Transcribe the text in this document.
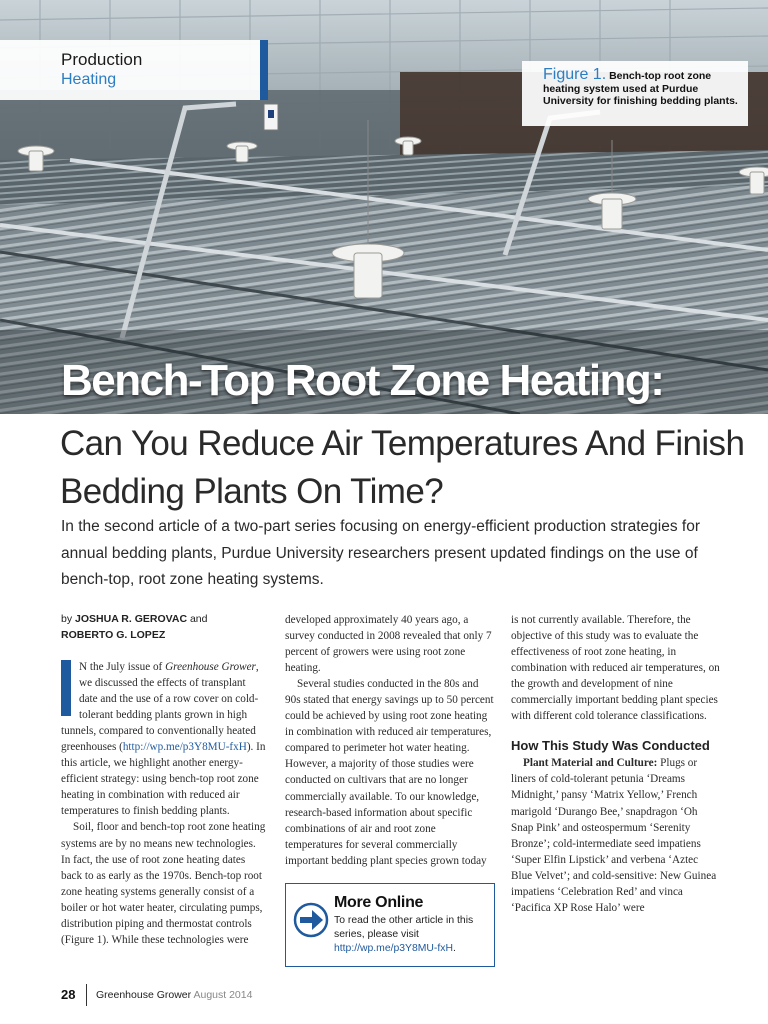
Production
Heating	Figure 1. Bench-top root zone heating system used at Purdue University for finishing bedding plants.

Bench-Top Root Zone Heating:
Can You Reduce Air Temperatures And Finish Bedding Plants On Time?

In the second article of a two-part series focusing on energy-efficient production strategies for annual bedding plants, Purdue University researchers present updated findings on the use of bench-top, root zone heating systems.

by JOSHUA R. GEROVAC and
ROBERTO G. LOPEZ

N the July issue of Greenhouse Grower, we discussed the effects of transplant date and the use of a row cover on cold-tolerant bedding plants grown in high tunnels, compared to conventionally heated greenhouses (http://wp.me/p3Y8MU-fxH). In this article, we highlight another energy-efficient strategy: using bench-top root zone heating in combination with reduced air temperatures to finish bedding plants.

Soil, floor and bench-top root zone heating systems are by no means new technologies. In fact, the use of root zone heating dates back to as early as the 1970s. Bench-top root zone heating systems generally consist of a boiler or hot water heater, circulating pumps, distribution piping and thermostat controls (Figure 1). While these technologies were

developed approximately 40 years ago, a survey conducted in 2008 revealed that only 7 percent of growers were using root zone heating.
Several studies conducted in the 80s and 90s stated that energy savings up to 50 percent could be achieved by using root zone heating in combination with reduced air temperatures, compared to perimeter hot water heating. However, a majority of those studies were conducted on cultivars that are no longer commercially available. To our knowledge, research-based information about specific combinations of air and root zone temperatures for several commercially important bedding plant species grown today

More Online

To read the other article in this series, please visit http://wp.me/p3Y8MU-fxH.

is not currently available. Therefore, the objective of this study was to evaluate the effectiveness of root zone heating, in combination with reduced air temperatures, on the growth and development of nine commercially important bedding plant species with different cold tolerance classifications.

How This Study Was Conducted

Plant Material and Culture: Plugs or liners of cold-tolerant petunia ‘Dreams Midnight,’ pansy ‘Matrix Yellow,’ French marigold ‘Durango Bee,’ snapdragon ‘Oh Snap Pink’ and osteospermum ‘Serenity Bronze’; cold-intermediate seed impatiens ‘Super Elfin Lipstick’ and verbena ‘Aztec Blue Velvet’; and cold-sensitive: New Guinea impatiens ‘Celebration Red’ and vinca ‘Pacifica XP Rose Halo’ were

28 Greenhouse Grower August 2014
